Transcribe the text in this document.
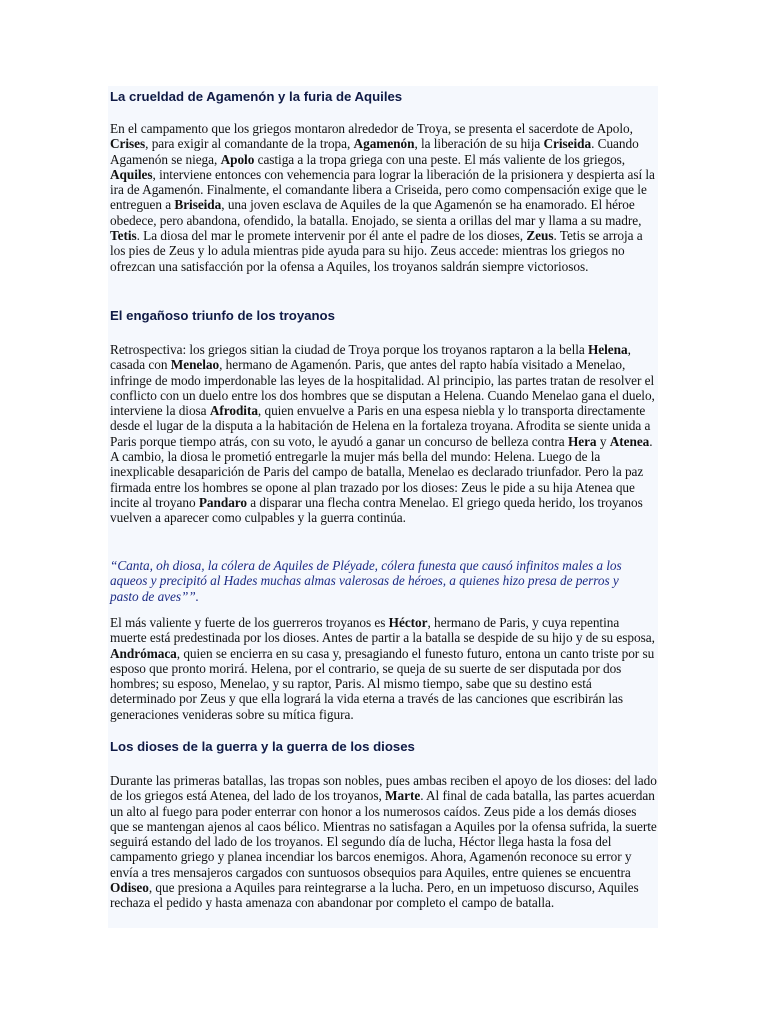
La crueldad de Agamenón y la furia de Aquiles

En el campamento que los griegos montaron alrededor de Troya, se presenta el sacerdote de Apolo, Crises, para exigir al comandante de la tropa, Agamenón, la liberación de su hija Criseida. Cuando Agamenón se niega, Apolo castiga a la tropa griega con una peste. El más valiente de los griegos, Aquiles, interviene entonces con vehemencia para lograr la liberación de la prisionera y despierta así la ira de Agamenón. Finalmente, el comandante libera a Criseida, pero como compensación exige que le entreguen a Briseida, una joven esclava de Aquiles de la que Agamenón se ha enamorado. El héroe obedece, pero abandona, ofendido, la batalla. Enojado, se sienta a orillas del mar y llama a su madre, Tetis. La diosa del mar le promete intervenir por él ante el padre de los dioses, Zeus. Tetis se arroja a los pies de Zeus y lo adula mientras pide ayuda para su hijo. Zeus accede: mientras los griegos no ofrezcan una satisfacción por la ofensa a Aquiles, los troyanos saldrán siempre victoriosos.

El engañoso triunfo de los troyanos

Retrospectiva: los griegos sitian la ciudad de Troya porque los troyanos raptaron a la bella Helena, casada con Menelao, hermano de Agamenón. Paris, que antes del rapto había visitado a Menelao, infringe de modo imperdonable las leyes de la hospitalidad. Al principio, las partes tratan de resolver el conflicto con un duelo entre los dos hombres que se disputan a Helena. Cuando Menelao gana el duelo, interviene la diosa Afrodita, quien envuelve a Paris en una espesa niebla y lo transporta directamente desde el lugar de la disputa a la habitación de Helena en la fortaleza troyana. Afrodita se siente unida a Paris porque tiempo atrás, con su voto, le ayudó a ganar un concurso de belleza contra Hera y Atenea. A cambio, la diosa le prometió entregarle la mujer más bella del mundo: Helena. Luego de la inexplicable desaparición de Paris del campo de batalla, Menelao es declarado triunfador. Pero la paz firmada entre los hombres se opone al plan trazado por los dioses: Zeus le pide a su hija Atenea que incite al troyano Pandaro a disparar una flecha contra Menelao. El griego queda herido, los troyanos vuelven a aparecer como culpables y la guerra continúa.

“Canta, oh diosa, la cólera de Aquiles de Pléyade, cólera funesta que causó infinitos males a los aqueos y precipitó al Hades muchas almas valerosas de héroes, a quienes hizo presa de perros y pasto de aves””.

El más valiente y fuerte de los guerreros troyanos es Héctor, hermano de Paris, y cuya repentina muerte está predestinada por los dioses. Antes de partir a la batalla se despide de su hijo y de su esposa, Andrómaca, quien se encierra en su casa y, presagiando el funesto futuro, entona un canto triste por su esposo que pronto morirá. Helena, por el contrario, se queja de su suerte de ser disputada por dos hombres; su esposo, Menelao, y su raptor, Paris. Al mismo tiempo, sabe que su destino está determinado por Zeus y que ella logrará la vida eterna a través de las canciones que escribirán las generaciones venideras sobre su mítica figura.

Los dioses de la guerra y la guerra de los dioses

Durante las primeras batallas, las tropas son nobles, pues ambas reciben el apoyo de los dioses: del lado de los griegos está Atenea, del lado de los troyanos, Marte. Al final de cada batalla, las partes acuerdan un alto al fuego para poder enterrar con honor a los numerosos caídos. Zeus pide a los demás dioses que se mantengan ajenos al caos bélico. Mientras no satisfagan a Aquiles por la ofensa sufrida, la suerte seguirá estando del lado de los troyanos. El segundo día de lucha, Héctor llega hasta la fosa del campamento griego y planea incendiar los barcos enemigos. Ahora, Agamenón reconoce su error y envía a tres mensajeros cargados con suntuosos obsequios para Aquiles, entre quienes se encuentra Odiseo, que presiona a Aquiles para reintegrarse a la lucha. Pero, en un impetuoso discurso, Aquiles rechaza el pedido y hasta amenaza con abandonar por completo el campo de batalla.
